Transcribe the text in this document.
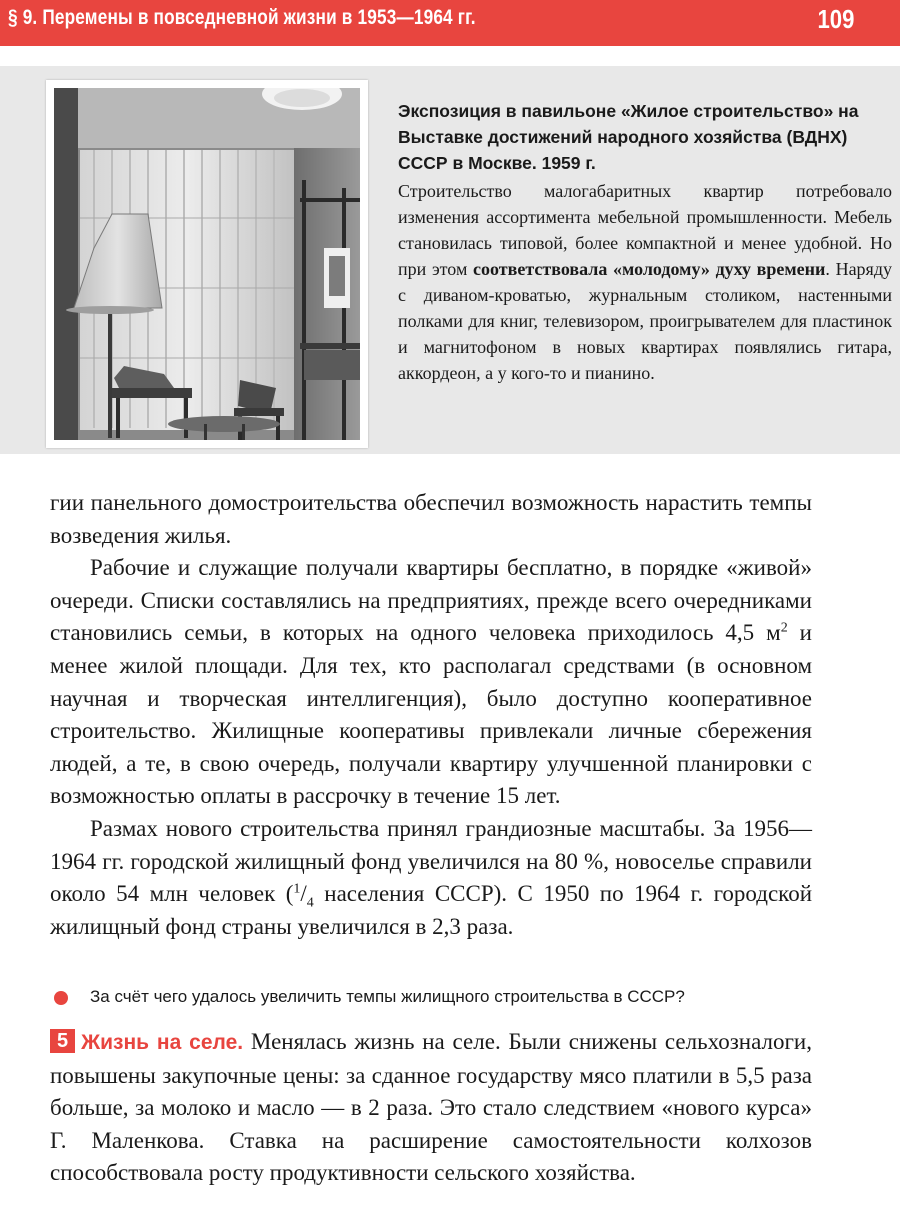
§ 9. Перемены в повседневной жизни в 1953—1964 гг.	109

Экспозиция в павильоне «Жилое строительство» на Выставке достижений народного хозяйства (ВДНХ) СССР в Москве. 1959 г.

Строительство малогабаритных квартир потребовало изменения ассортимента мебельной промышленности. Мебель становилась типовой, более компактной и менее удобной. Но при этом соответствовала «молодому» духу времени. Наряду с диваном-кроватью, журнальным столиком, настенными полками для книг, телевизором, проигрывателем для пластинок и магнитофоном в новых квартирах появлялись гитара, аккордеон, а у кого-то и пианино.

гии панельного домостроительства обеспечил возможность нарастить темпы возведения жилья.

Рабочие и служащие получали квартиры бесплатно, в порядке «живой» очереди. Списки составлялись на предприятиях, прежде всего очередниками становились семьи, в которых на одного человека приходилось 4,5 $м^2$ и менее жилой площади. Для тех, кто располагал средствами (в основном научная и творческая интеллигенция), было доступно кооперативное строительство. Жилищные кооперативы привлекали личные сбережения людей, а те, в свою очередь, получали квартиру улучшенной планировки с возможностью оплаты в рассрочку в течение 15 лет.

Размах нового строительства принял грандиозные масштабы. За 1956—1964 гг. городской жилищный фонд увеличился на 80 %, новоселье справили около 54 млн человек ($^1/_4$ населения СССР). С 1950 по 1964 г. городской жилищный фонд страны увеличился в 2,3 раза.

За счёт чего удалось увеличить темпы жилищного строительства в СССР?

5 Жизнь на селе. Менялась жизнь на селе. Были снижены сельхозналоги, повышены закупочные цены: за сданное государству мясо платили в 5,5 раза больше, за молоко и масло — в 2 раза. Это стало следствием «нового курса» Г. Маленкова. Ставка на расширение самостоятельности колхозов способствовала росту продуктивности сельского хозяйства.
